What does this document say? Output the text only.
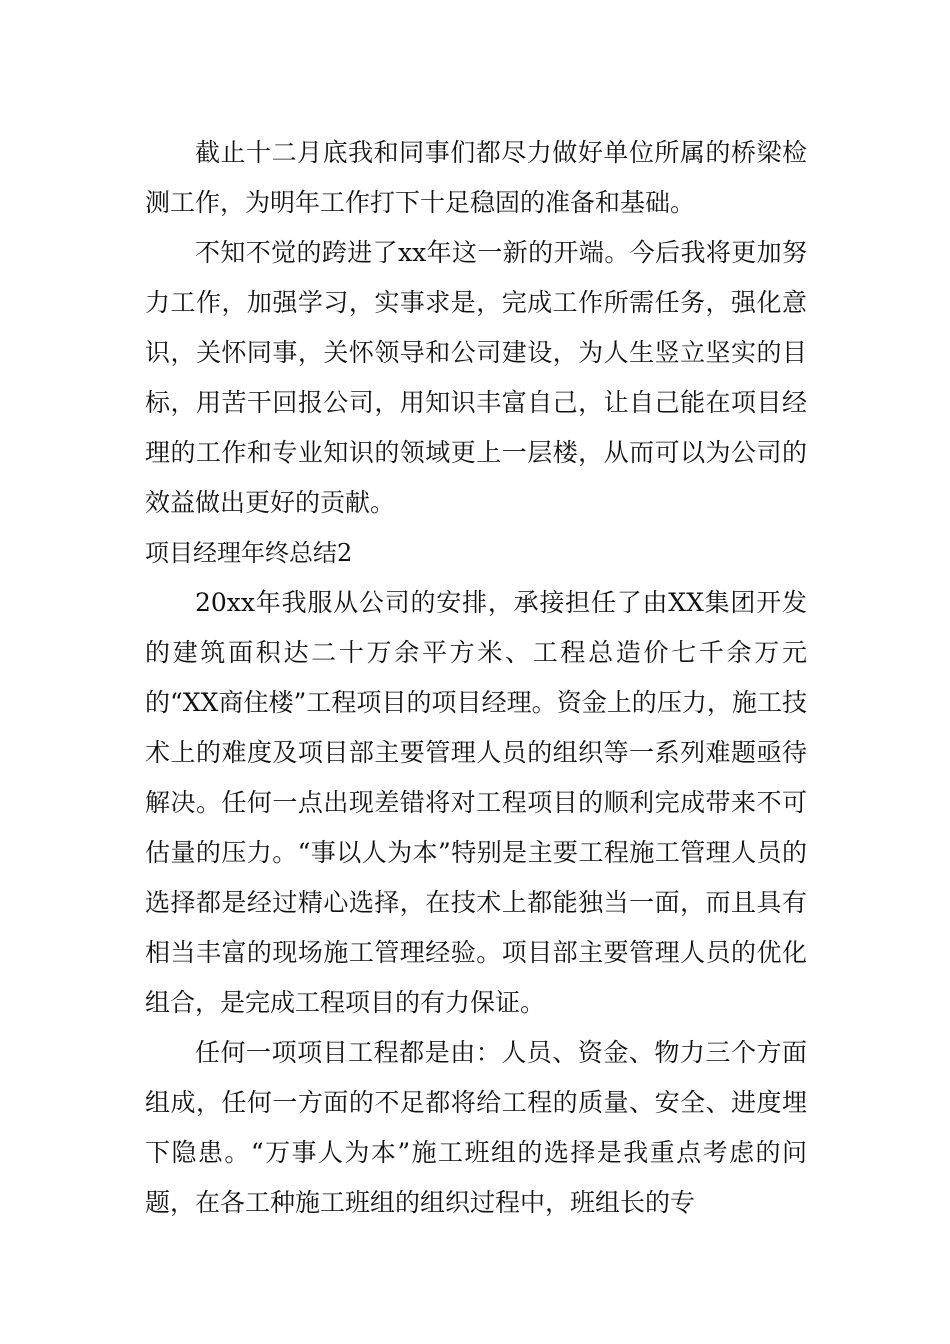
截止十二月底我和同事们都尽力做好单位所属的桥梁检测工作，为明年工作打下十足稳固的准备和基础。

不知不觉的跨进了xx年这一新的开端。今后我将更加努力工作，加强学习，实事求是，完成工作所需任务，强化意识，关怀同事，关怀领导和公司建设，为人生竖立坚实的目标，用苦干回报公司，用知识丰富自己，让自己能在项目经理的工作和专业知识的领域更上一层楼，从而可以为公司的效益做出更好的贡献。

项目经理年终总结2

20xx年我服从公司的安排，承接担任了由XX集团开发的建筑面积达二十万余平方米、工程总造价七千余万元的“XX商住楼”工程项目的项目经理。资金上的压力，施工技术上的难度及项目部主要管理人员的组织等一系列难题亟待解决。任何一点出现差错将对工程项目的顺利完成带来不可估量的压力。“事以人为本”特别是主要工程施工管理人员的选择都是经过精心选择，在技术上都能独当一面，而且具有相当丰富的现场施工管理经验。项目部主要管理人员的优化组合，是完成工程项目的有力保证。

任何一项项目工程都是由：人员、资金、物力三个方面组成，任何一方面的不足都将给工程的质量、安全、进度埋下隐患。“万事人为本”施工班组的选择是我重点考虑的问题，在各工种施工班组的组织过程中，班组长的专
